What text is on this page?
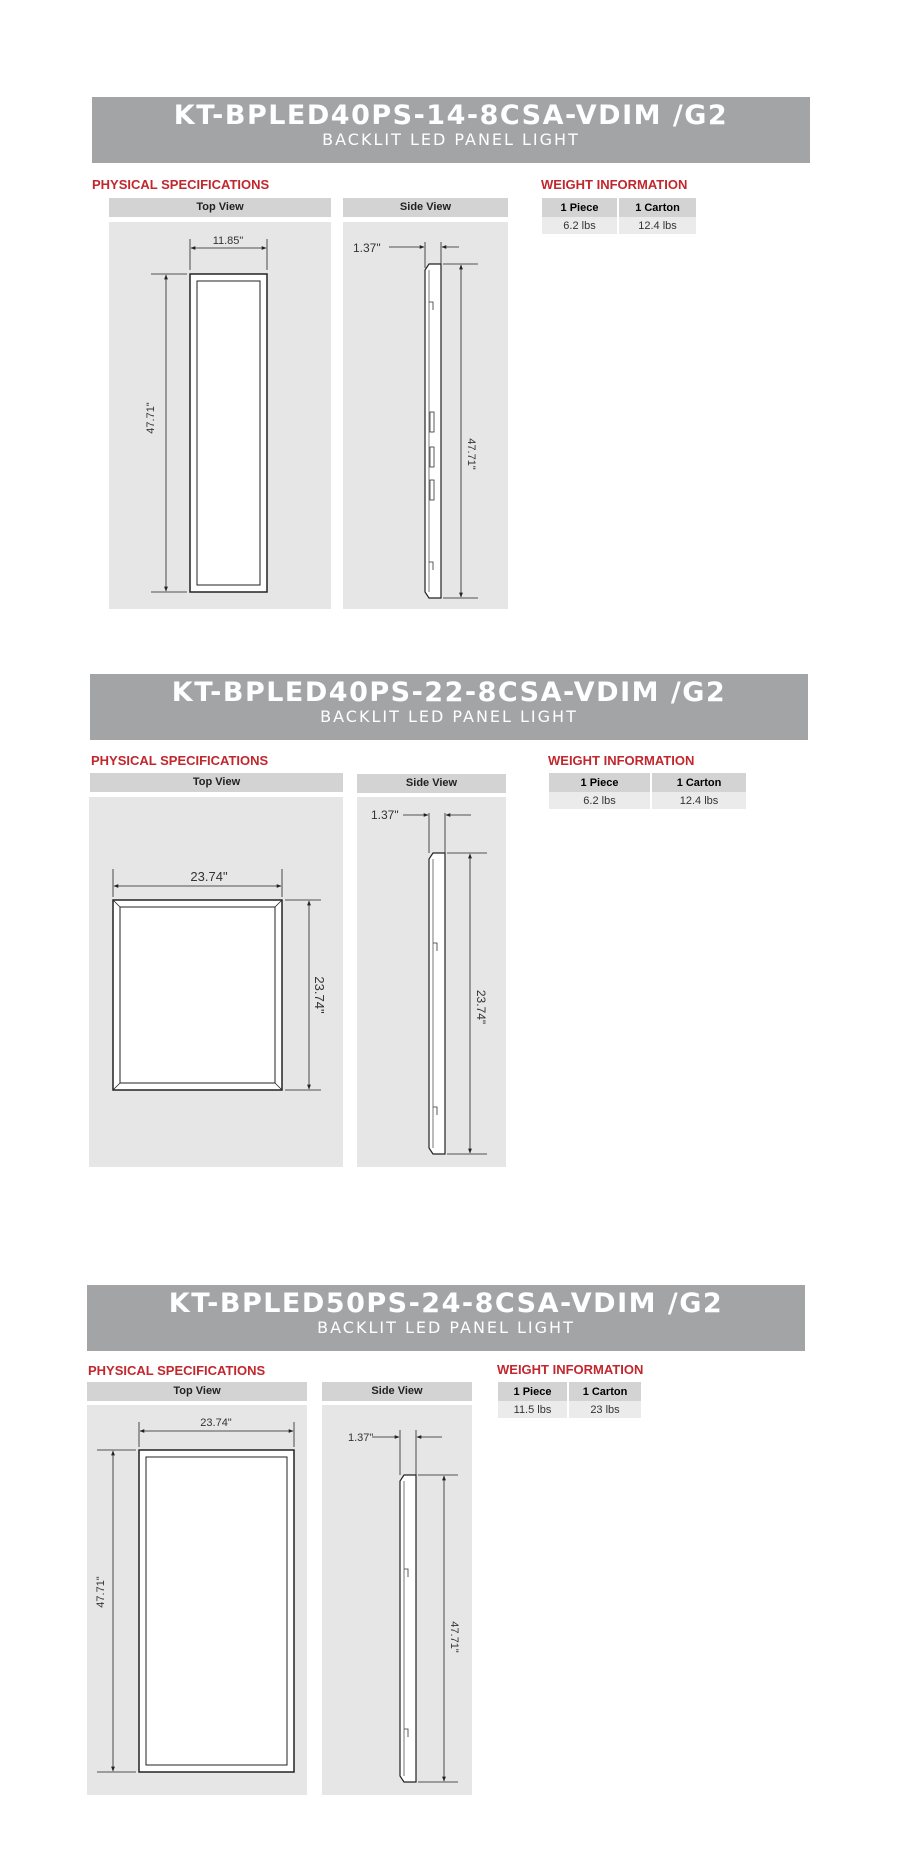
KT-BPLED40PS-14-8CSA-VDIM /G2
BACKLIT LED PANEL LIGHT
PHYSICAL SPECIFICATIONS
Top View	Side View
11.85"
47.71"
1.37"
47.71"
WEIGHT INFORMATION
1 Piece	1 Carton
6.2 lbs	12.4 lbs
KT-BPLED40PS-22-8CSA-VDIM /G2
BACKLIT LED PANEL LIGHT
PHYSICAL SPECIFICATIONS
Top View	Side View
23.74"
23.74"
1.37"
23.74"
WEIGHT INFORMATION
1 Piece	1 Carton
6.2 lbs	12.4 lbs
KT-BPLED50PS-24-8CSA-VDIM /G2
BACKLIT LED PANEL LIGHT
PHYSICAL SPECIFICATIONS
Top View	Side View
23.74"
47.71"
1.37"
47.71"
WEIGHT INFORMATION
1 Piece	1 Carton
11.5 lbs	23 lbs
